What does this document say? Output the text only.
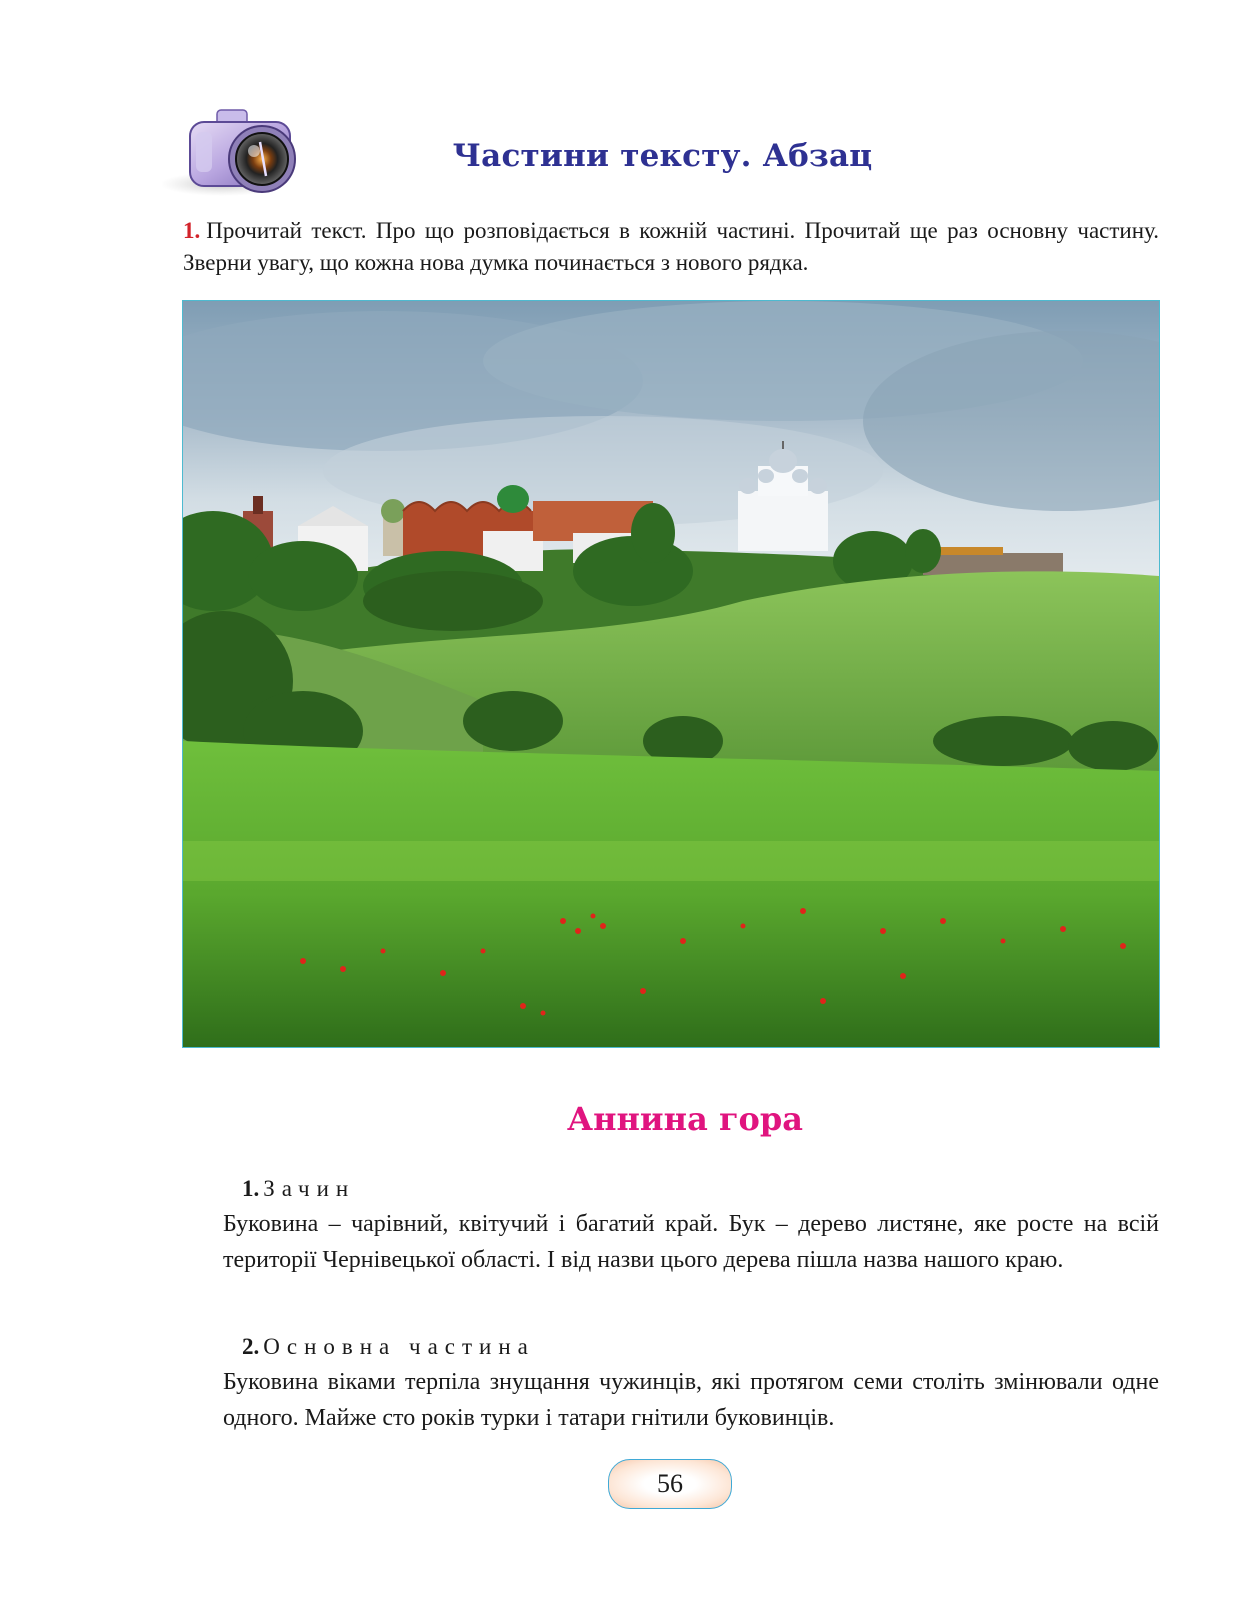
Частини тексту. Абзац
1. Прочитай текст. Про що розповідається в кожній частині. Прочитай ще раз основну частину. Зверни увагу, що кожна нова думка починається з нового рядка.
Аннина гора
1. Зачин
Буковина – чарівний, квітучий і багатий край. Бук – дерево листяне, яке росте на всій території Чернівецької області. І від назви цього дерева пішла назва нашого краю.
2. Основна частина
Буковина віками терпіла знущання чужинців, які протягом семи століть змінювали одне одного. Майже сто років турки і татари гнітили буковинців.
56
